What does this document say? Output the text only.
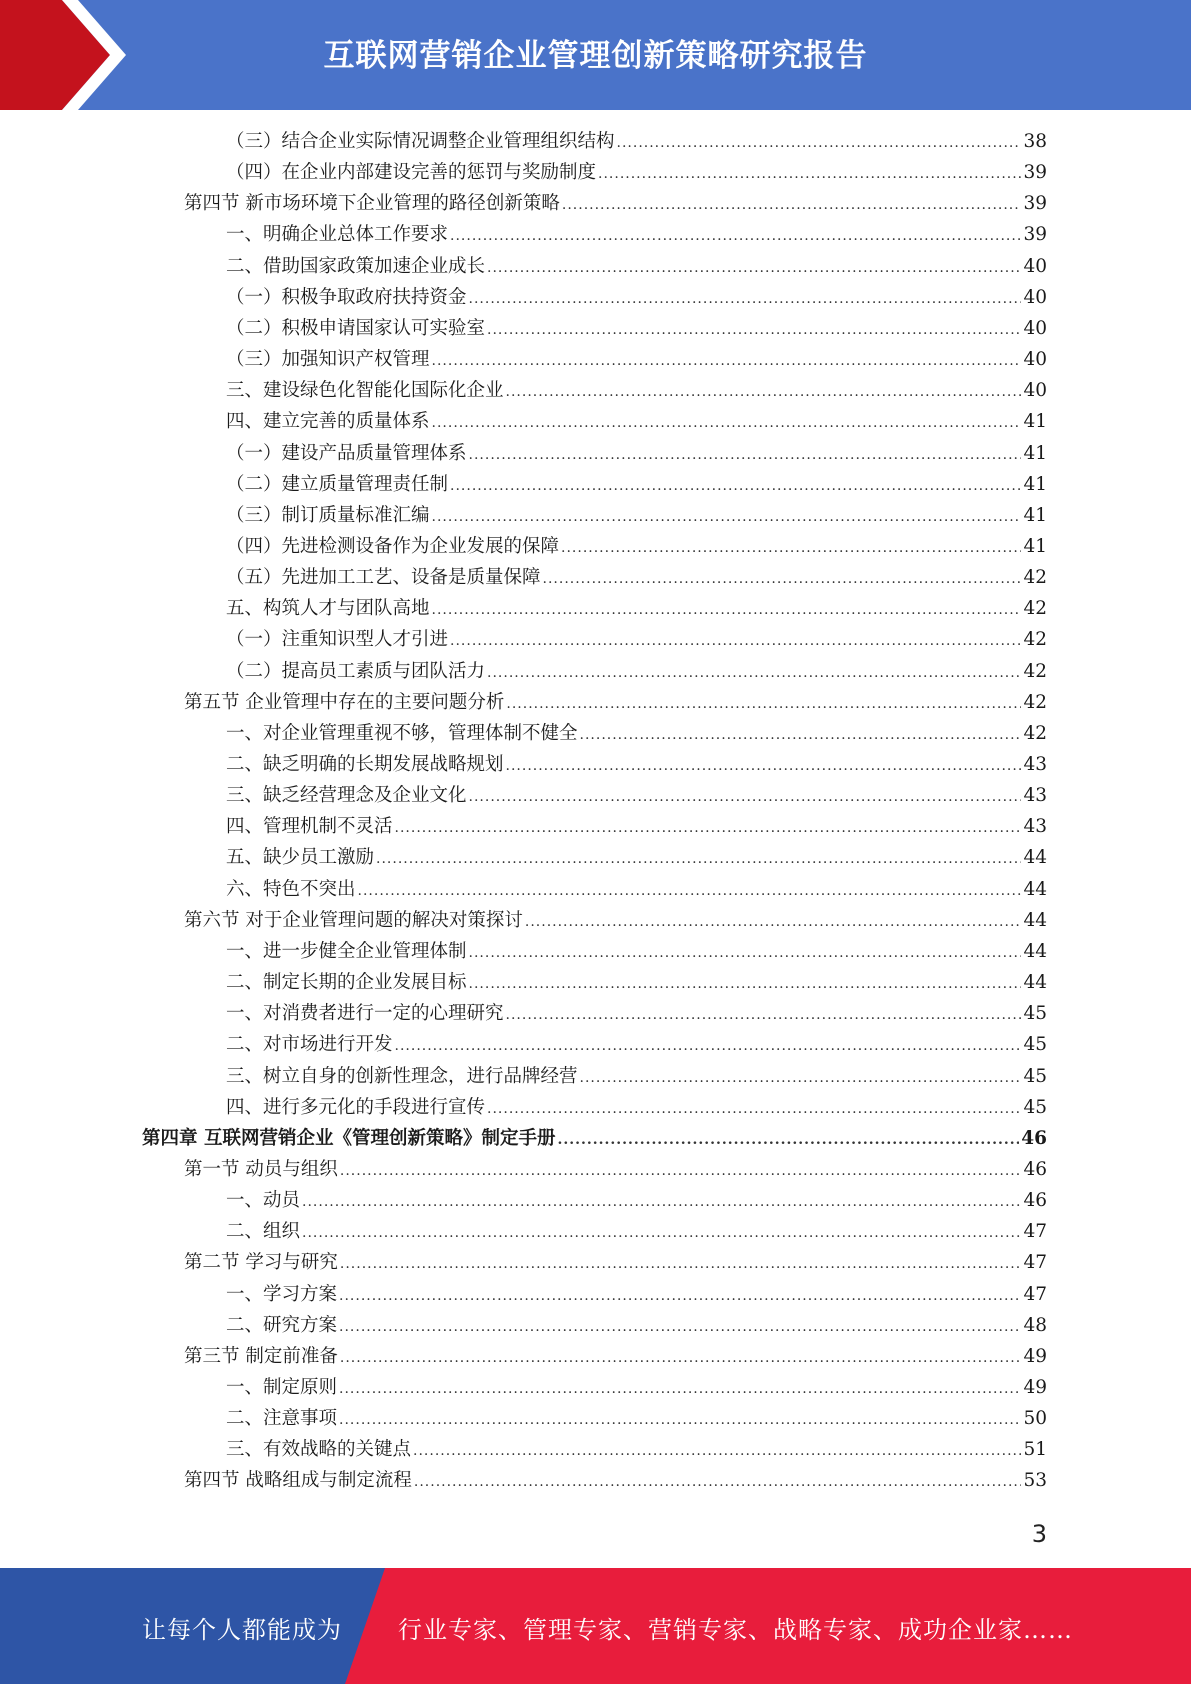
互联网营销企业管理创新策略研究报告
（三）结合企业实际情况调整企业管理组织结构 .....	38
（四）在企业内部建设完善的惩罚与奖励制度 .....	39
第四节 新市场环境下企业管理的路径创新策略 .....	39
一、明确企业总体工作要求 .....	39
二、借助国家政策加速企业成长 .....	40
（一）积极争取政府扶持资金 .....	40
（二）积极申请国家认可实验室 .....	40
（三）加强知识产权管理 .....	40
三、建设绿色化智能化国际化企业 .....	40
四、建立完善的质量体系 .....	41
（一）建设产品质量管理体系 .....	41
（二）建立质量管理责任制 .....	41
（三）制订质量标准汇编 .....	41
（四）先进检测设备作为企业发展的保障 .....	41
（五）先进加工工艺、设备是质量保障 .....	42
五、构筑人才与团队高地 .....	42
（一）注重知识型人才引进 .....	42
（二）提高员工素质与团队活力 .....	42
第五节 企业管理中存在的主要问题分析 .....	42
一、对企业管理重视不够，管理体制不健全 .....	42
二、缺乏明确的长期发展战略规划 .....	43
三、缺乏经营理念及企业文化 .....	43
四、管理机制不灵活 .....	43
五、缺少员工激励 .....	44
六、特色不突出 .....	44
第六节 对于企业管理问题的解决对策探讨 .....	44
一、进一步健全企业管理体制 .....	44
二、制定长期的企业发展目标 .....	44
一、对消费者进行一定的心理研究 .....	45
二、对市场进行开发 .....	45
三、树立自身的创新性理念，进行品牌经营 .....	45
四、进行多元化的手段进行宣传 .....	45
第四章 互联网营销企业《管理创新策略》制定手册 .....	46
第一节 动员与组织 .....	46
一、动员 .....	46
二、组织 .....	47
第二节 学习与研究 .....	47
一、学习方案 .....	47
二、研究方案 .....	48
第三节 制定前准备 .....	49
一、制定原则 .....	49
二、注意事项 .....	50
三、有效战略的关键点 .....	51
第四节 战略组成与制定流程 .....	53
3
让每个人都能成为 行业专家、管理专家、营销专家、战略专家、成功企业家……
